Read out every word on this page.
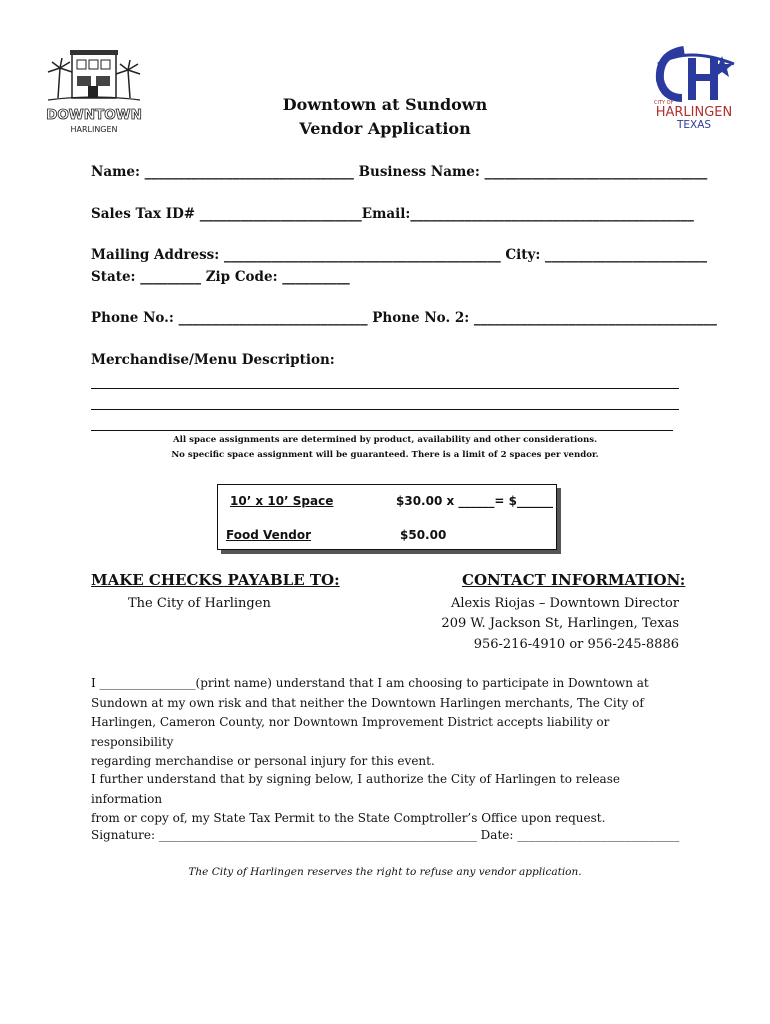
DOWNTOWN
HARLINGEN
CITY OF
HARLINGEN
TEXAS
Downtown at Sundown
Vendor Application
Name: _______________________________ Business Name: _________________________________
Sales Tax ID# ________________________Email:__________________________________________
Mailing Address: _________________________________________ City: ________________________
State: _________ Zip Code: __________
Phone No.: ____________________________ Phone No. 2: ____________________________________
Merchandise/Menu Description:
All space assignments are determined by product, availability and other considerations.
No specific space assignment will be guaranteed. There is a limit of 2 spaces per vendor.
10’ x 10’ Space	$30.00 x ______= $______
Food Vendor	$50.00
MAKE CHECKS PAYABLE TO:
The City of Harlingen
CONTACT INFORMATION:
Alexis Riojas – Downtown Director
209 W. Jackson St, Harlingen, Texas
956-216-4910 or 956-245-8886
I ________________(print name) understand that I am choosing to participate in Downtown at
Sundown at my own risk and that neither the Downtown Harlingen merchants, The City of
Harlingen, Cameron County, nor Downtown Improvement District accepts liability or responsibility
regarding merchandise or personal injury for this event.
I further understand that by signing below, I authorize the City of Harlingen to release information
from or copy of, my State Tax Permit to the State Comptroller’s Office upon request.
Signature: _____________________________________________________ Date: ___________________________
The City of Harlingen reserves the right to refuse any vendor application.
